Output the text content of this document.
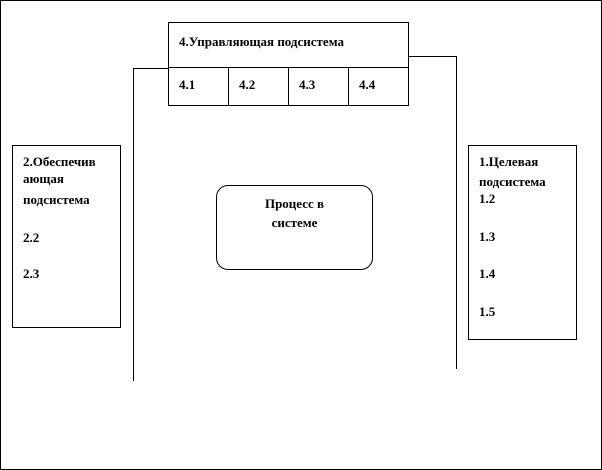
4.Управляющая подсистема
4.1	4.2	4.3	4.4
2.Обеспечив
ающая
подсистема
2.2
2.3
Процесс в
системе
1.Целевая
подсистема
1.2
1.3
1.4
1.5
